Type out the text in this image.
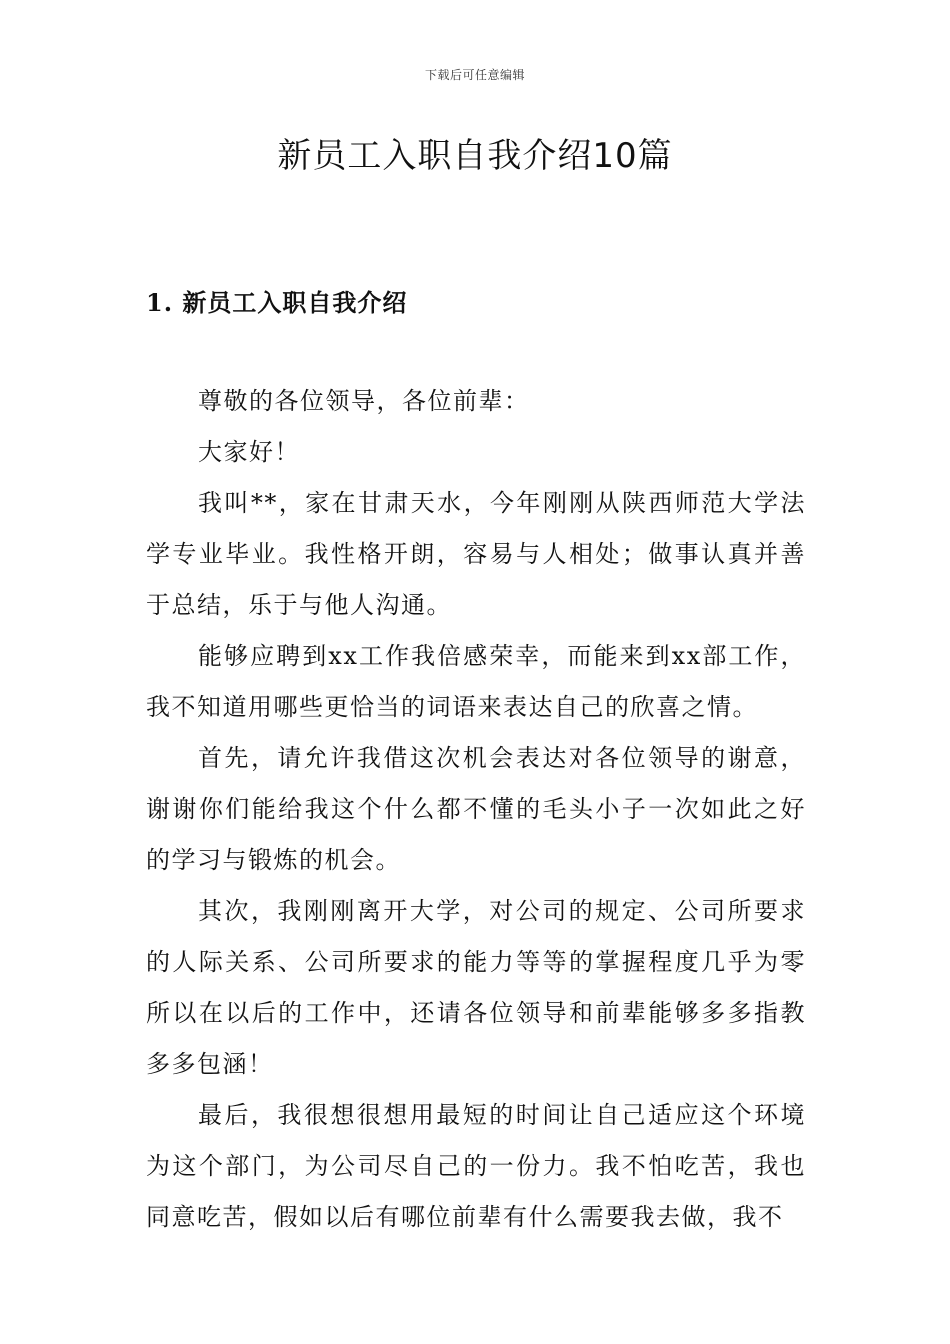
下载后可任意编辑
新员工入职自我介绍10篇
1. 新员工入职自我介绍

尊敬的各位领导，各位前辈：

大家好！

我叫**，家在甘肃天水，今年刚刚从陕西师范大学法学专业毕业。我性格开朗，容易与人相处；做事认真并善于总结，乐于与他人沟通。

能够应聘到xx工作我倍感荣幸，而能来到xx部工作，我不知道用哪些更恰当的词语来表达自己的欣喜之情。

首先，请允许我借这次机会表达对各位领导的谢意，谢谢你们能给我这个什么都不懂的毛头小子一次如此之好的学习与锻炼的机会。

其次，我刚刚离开大学，对公司的规定、公司所要求的人际关系、公司所要求的能力等等的掌握程度几乎为零所以在以后的工作中，还请各位领导和前辈能够多多指教多多包涵！

最后，我很想很想用最短的时间让自己适应这个环境为这个部门，为公司尽自己的一份力。我不怕吃苦，我也同意吃苦，假如以后有哪位前辈有什么需要我去做，我不
